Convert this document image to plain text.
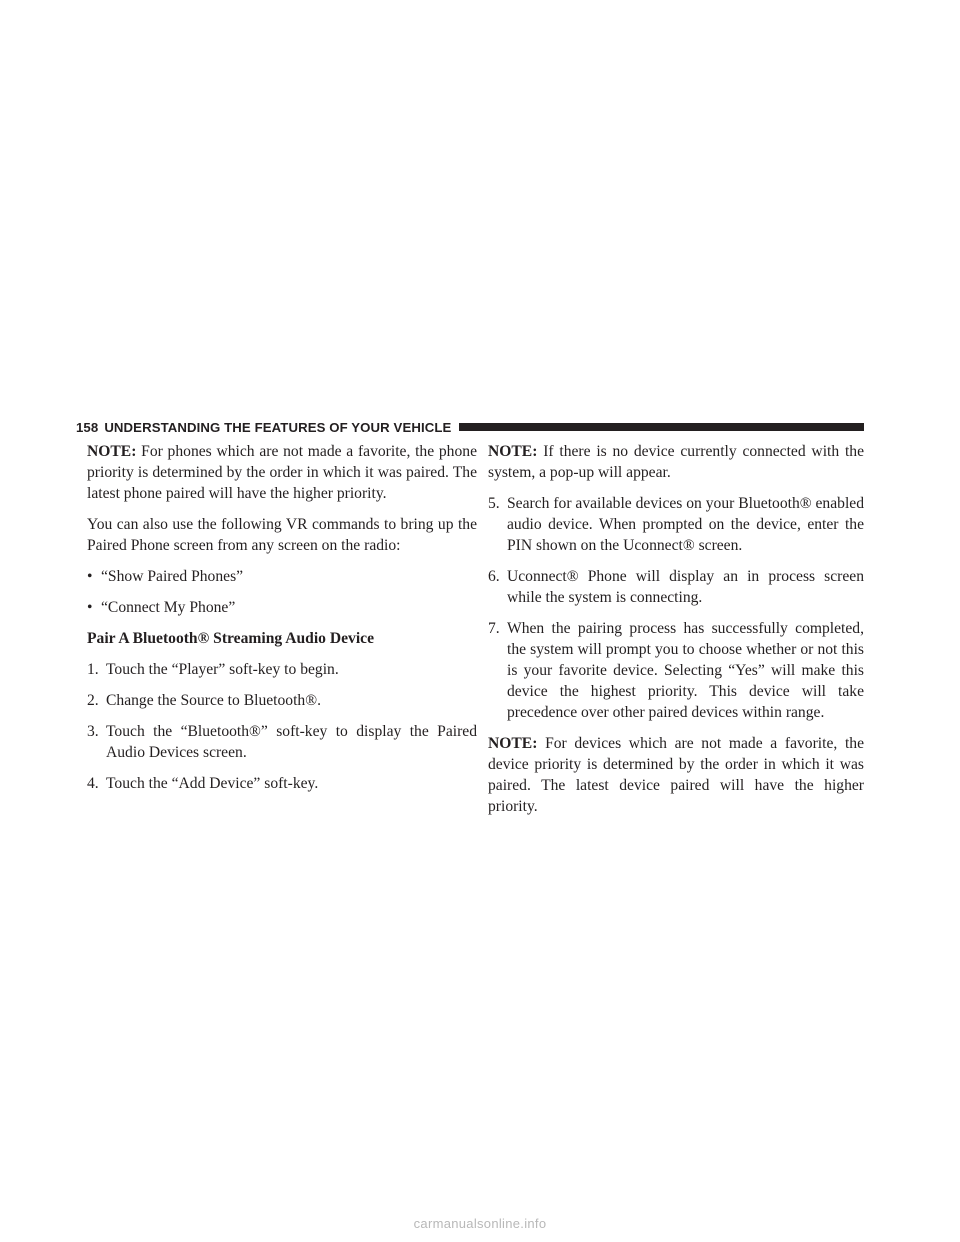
158 UNDERSTANDING THE FEATURES OF YOUR VEHICLE

NOTE: For phones which are not made a favorite, the phone priority is determined by the order in which it was paired. The latest phone paired will have the higher priority.

You can also use the following VR commands to bring up the Paired Phone screen from any screen on the radio:

• “Show Paired Phones”
• “Connect My Phone”
Pair A Bluetooth® Streaming Audio Device
1. Touch the “Player” soft-key to begin.
2. Change the Source to Bluetooth®.
3. Touch the “Bluetooth®” soft-key to display the Paired Audio Devices screen.
4. Touch the “Add Device” soft-key.

NOTE: If there is no device currently connected with the system, a pop-up will appear.

5. Search for available devices on your Bluetooth® enabled audio device. When prompted on the device, enter the PIN shown on the Uconnect® screen.
6. Uconnect® Phone will display an in process screen while the system is connecting.
7. When the pairing process has successfully completed, the system will prompt you to choose whether or not this is your favorite device. Selecting “Yes” will make this device the highest priority. This device will take precedence over other paired devices within range.

NOTE: For devices which are not made a favorite, the device priority is determined by the order in which it was paired. The latest device paired will have the higher priority.

carmanualsonline.info
